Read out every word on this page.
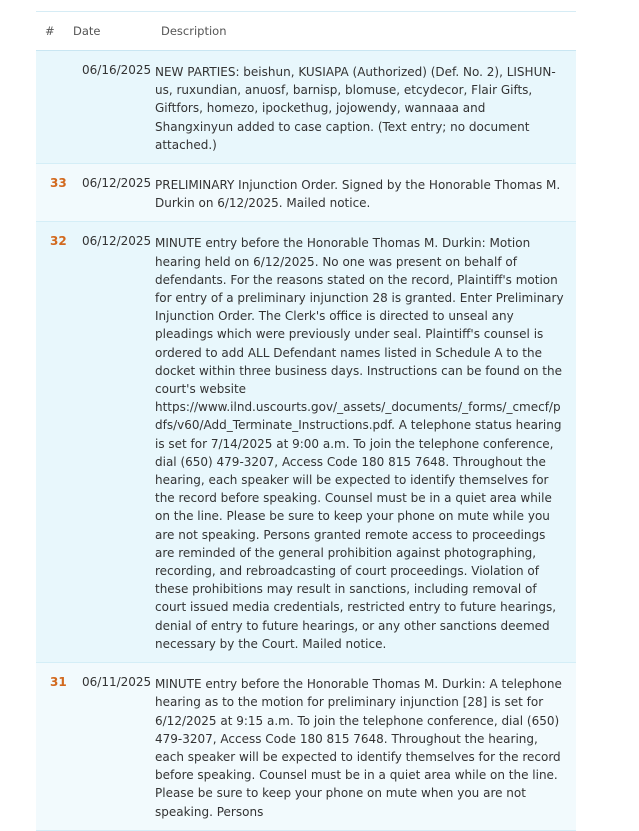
# Date	Description
06/16/2025 NEW PARTIES: beishun, KUSIAPA (Authorized) (Def. No. 2), LISHUN-us, ruxundian, anuosf, barnisp, blomuse, etcydecor, Flair Gifts, Giftfors, homezo, ipockethug, jojowendy, wannaaa and Shangxinyun added to case caption. (Text entry; no document attached.)
33 06/12/2025 PRELIMINARY Injunction Order. Signed by the Honorable Thomas M. Durkin on 6/12/2025. Mailed notice.
32 06/12/2025 MINUTE entry before the Honorable Thomas M. Durkin: Motion hearing held on 6/12/2025. No one was present on behalf of defendants. For the reasons stated on the record, Plaintiff's motion for entry of a preliminary injunction 28 is granted. Enter Preliminary Injunction Order. The Clerk's office is directed to unseal any pleadings which were previously under seal. Plaintiff's counsel is ordered to add ALL Defendant names listed in Schedule A to the docket within three business days. Instructions can be found on the court's website https://www.ilnd.uscourts.gov/_assets/_documents/_forms/_cmecf/pdfs/v60/Add_Terminate_Instructions.pdf. A telephone status hearing is set for 7/14/2025 at 9:00 a.m. To join the telephone conference, dial (650) 479-3207, Access Code 180 815 7648. Throughout the hearing, each speaker will be expected to identify themselves for the record before speaking. Counsel must be in a quiet area while on the line. Please be sure to keep your phone on mute while you are not speaking. Persons granted remote access to proceedings are reminded of the general prohibition against photographing, recording, and rebroadcasting of court proceedings. Violation of these prohibitions may result in sanctions, including removal of court issued media credentials, restricted entry to future hearings, denial of entry to future hearings, or any other sanctions deemed necessary by the Court. Mailed notice.
31 06/11/2025 MINUTE entry before the Honorable Thomas M. Durkin: A telephone hearing as to the motion for preliminary injunction [28] is set for 6/12/2025 at 9:15 a.m. To join the telephone conference, dial (650) 479-3207, Access Code 180 815 7648. Throughout the hearing, each speaker will be expected to identify themselves for the record before speaking. Counsel must be in a quiet area while on the line. Please be sure to keep your phone on mute when you are not speaking. Persons
